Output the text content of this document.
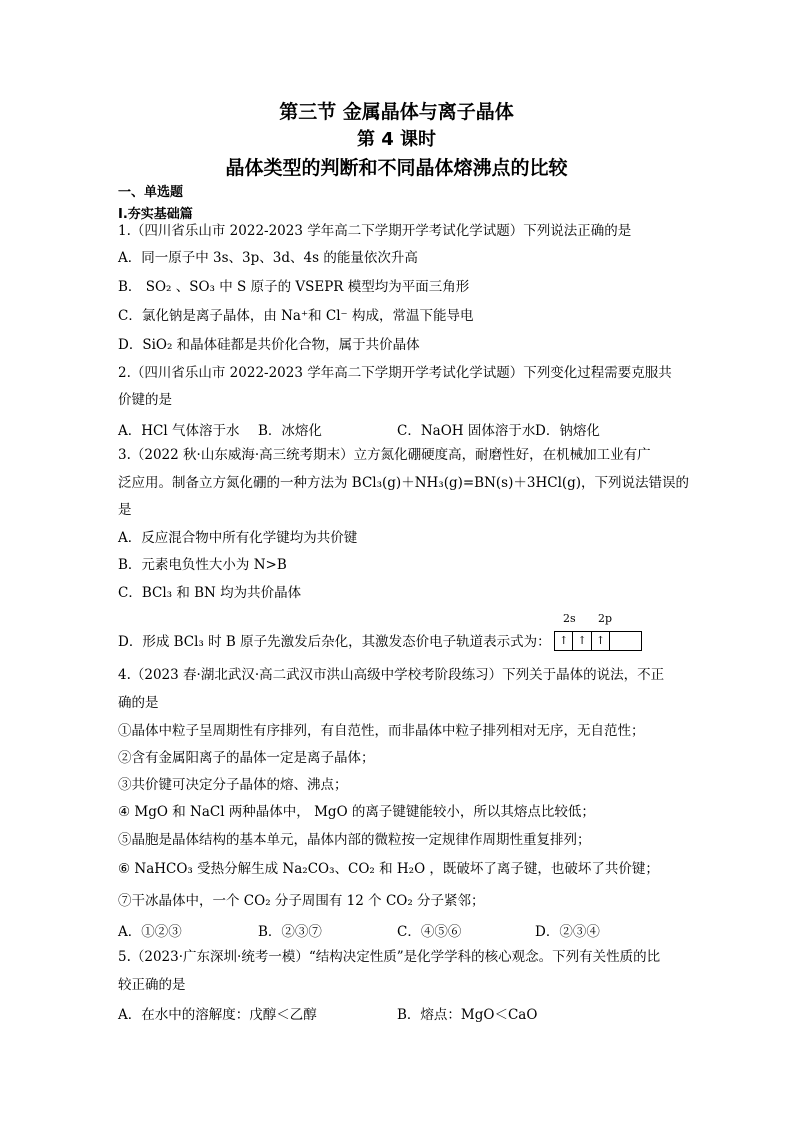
第三节 金属晶体与离子晶体
第 4 课时
晶体类型的判断和不同晶体熔沸点的比较
一、单选题
Ⅰ.夯实基础篇
1.（四川省乐山市 2022-2023 学年高二下学期开学考试化学试题）下列说法正确的是
A．同一原子中 3s、3p、3d、4s 的能量依次升高
B． SO₂ 、SO₃ 中 S 原子的 VSEPR 模型均为平面三角形
C．氯化钠是离子晶体，由 Na⁺和 Cl⁻ 构成，常温下能导电
D．SiO₂ 和晶体硅都是共价化合物，属于共价晶体
2.（四川省乐山市 2022-2023 学年高二下学期开学考试化学试题）下列变化过程需要克服共
价键的是
A．HCl 气体溶于水 B．冰熔化	C．NaOH 固体溶于水 D．钠熔化
3.（2022 秋·山东威海·高三统考期末）立方氮化硼硬度高，耐磨性好，在机械加工业有广
泛应用。制备立方氮化硼的一种方法为 BCl₃(g)＋NH₃(g)=BN(s)＋3HCl(g)，下列说法错误的
是
A．反应混合物中所有化学键均为共价键
B．元素电负性大小为 N>B
C．BCl₃ 和 BN 均为共价晶体
D．形成 BCl₃ 时 B 原子先激发后杂化，其激发态价电子轨道表示式为：
2s 2p
↑ ↑ ↑
4.（2023 春·湖北武汉·高二武汉市洪山高级中学校考阶段练习）下列关于晶体的说法，不正
确的是
①晶体中粒子呈周期性有序排列，有自范性，而非晶体中粒子排列相对无序，无自范性；
②含有金属阳离子的晶体一定是离子晶体；
③共价键可决定分子晶体的熔、沸点；
④ MgO 和 NaCl 两种晶体中， MgO 的离子键键能较小，所以其熔点比较低；
⑤晶胞是晶体结构的基本单元，晶体内部的微粒按一定规律作周期性重复排列；
⑥ NaHCO₃ 受热分解生成 Na₂CO₃、CO₂ 和 H₂O ，既破坏了离子键，也破坏了共价键；
⑦干冰晶体中，一个 CO₂ 分子周围有 12 个 CO₂ 分子紧邻；
A．①②③	B．②③⑦	C．④⑤⑥	D．②③④
5.（2023·广东深圳·统考一模）“结构决定性质”是化学学科的核心观念。下列有关性质的比
较正确的是
A．在水中的溶解度：戊醇＜乙醇	B．熔点：MgO＜CaO
